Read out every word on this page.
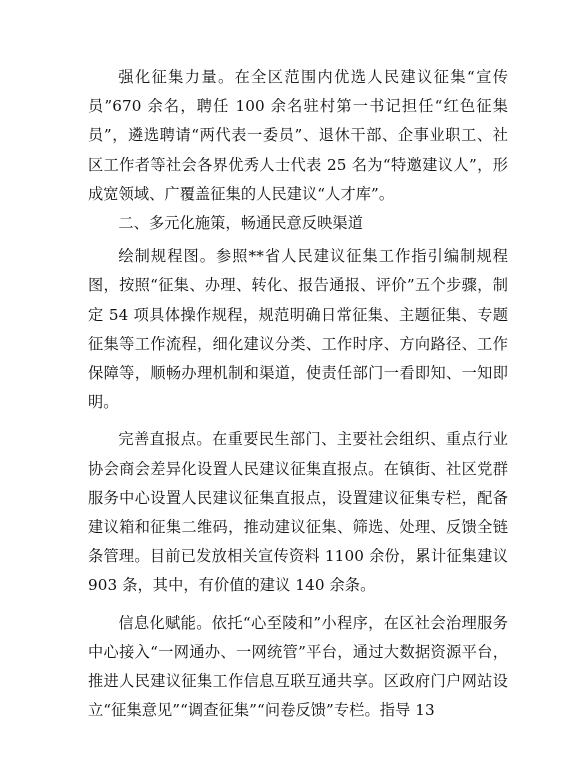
强化征集力量。在全区范围内优选人民建议征集“宣传员”670 余名，聘任 100 余名驻村第一书记担任“红色征集员”，遴选聘请“两代表一委员”、退休干部、企事业职工、社区工作者等社会各界优秀人士代表 25 名为“特邀建议人”，形成宽领域、广覆盖征集的人民建议“人才库”。

二、多元化施策，畅通民意反映渠道

绘制规程图。参照**省人民建议征集工作指引编制规程图，按照“征集、办理、转化、报告通报、评价”五个步骤，制定 54 项具体操作规程，规范明确日常征集、主题征集、专题征集等工作流程，细化建议分类、工作时序、方向路径、工作保障等，顺畅办理机制和渠道，使责任部门一看即知、一知即明。

完善直报点。在重要民生部门、主要社会组织、重点行业协会商会差异化设置人民建议征集直报点。在镇街、社区党群服务中心设置人民建议征集直报点，设置建议征集专栏，配备建议箱和征集二维码，推动建议征集、筛选、处理、反馈全链条管理。目前已发放相关宣传资料 1100 余份，累计征集建议 903 条，其中，有价值的建议 140 余条。

信息化赋能。依托“心至陵和”小程序，在区社会治理服务中心接入“一网通办、一网统管”平台，通过大数据资源平台，推进人民建议征集工作信息互联互通共享。区政府门户网站设立“征集意见”“调查征集”“问卷反馈”专栏。指导 13
